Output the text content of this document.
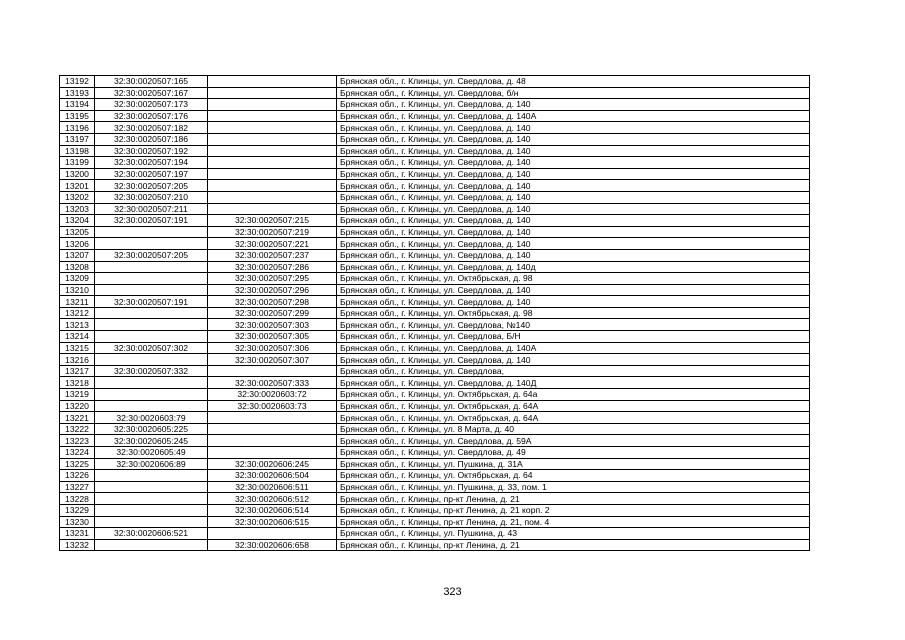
13192	32:30:0020507:165		Брянская обл., г. Клинцы, ул. Свердлова, д. 48
13193	32:30:0020507:167		Брянская обл., г. Клинцы, ул. Свердлова, б/н
13194	32:30:0020507:173		Брянская обл., г. Клинцы, ул. Свердлова, д. 140
13195	32:30:0020507:176		Брянская обл., г. Клинцы, ул. Свердлова, д. 140А
13196	32:30:0020507:182		Брянская обл., г. Клинцы, ул. Свердлова, д. 140
13197	32:30:0020507:186		Брянская обл., г. Клинцы, ул. Свердлова, д. 140
13198	32:30:0020507:192		Брянская обл., г. Клинцы, ул. Свердлова, д. 140
13199	32:30:0020507:194		Брянская обл., г. Клинцы, ул. Свердлова, д. 140
13200	32:30:0020507:197		Брянская обл., г. Клинцы, ул. Свердлова, д. 140
13201	32:30:0020507:205		Брянская обл., г. Клинцы, ул. Свердлова, д. 140
13202	32:30:0020507:210		Брянская обл., г. Клинцы, ул. Свердлова, д. 140
13203	32:30:0020507:211		Брянская обл., г. Клинцы, ул. Свердлова, д. 140
13204	32:30:0020507:191	32:30:0020507:215	Брянская обл., г. Клинцы, ул. Свердлова, д. 140
13205		32:30:0020507:219	Брянская обл., г. Клинцы, ул. Свердлова, д. 140
13206		32:30:0020507:221	Брянская обл., г. Клинцы, ул. Свердлова, д. 140
13207	32:30:0020507:205	32:30:0020507:237	Брянская обл., г. Клинцы, ул. Свердлова, д. 140
13208		32:30:0020507:286	Брянская обл., г. Клинцы, ул. Свердлова, д. 140д
13209		32:30:0020507:295	Брянская обл., г. Клинцы, ул. Октябрьская, д. 98
13210		32:30:0020507:296	Брянская обл., г. Клинцы, ул. Свердлова, д. 140
13211	32:30:0020507:191	32:30:0020507:298	Брянская обл., г. Клинцы, ул. Свердлова, д. 140
13212		32:30:0020507:299	Брянская обл., г. Клинцы, ул. Октябрьская, д. 98
13213		32:30:0020507:303	Брянская обл., г. Клинцы, ул. Свердлова, №140
13214		32:30:0020507:305	Брянская обл., г. Клинцы, ул. Свердлова, Б/Н
13215	32:30:0020507:302	32:30:0020507:306	Брянская обл., г. Клинцы, ул. Свердлова, д. 140А
13216		32:30:0020507:307	Брянская обл., г. Клинцы, ул. Свердлова, д. 140
13217	32:30:0020507:332		Брянская обл., г. Клинцы, ул. Свердлова,
13218		32:30:0020507:333	Брянская обл., г. Клинцы, ул. Свердлова, д. 140Д
13219		32:30:0020603:72	Брянская обл., г. Клинцы, ул. Октябрьская, д. 64а
13220		32:30:0020603:73	Брянская обл., г. Клинцы, ул. Октябрьская, д. 64А
13221	32:30:0020603:79		Брянская обл., г. Клинцы, ул. Октябрьская, д. 64А
13222	32:30:0020605:225		Брянская обл., г. Клинцы, ул. 8 Марта, д. 40
13223	32:30:0020605:245		Брянская обл., г. Клинцы, ул. Свердлова, д. 59А
13224	32:30:0020605:49		Брянская обл., г. Клинцы, ул. Свердлова, д. 49
13225	32:30:0020606:89	32:30:0020606:245	Брянская обл., г. Клинцы, ул. Пушкина, д. 31А
13226		32:30:0020606:504	Брянская обл., г. Клинцы, ул. Октябрьская, д. 64
13227		32:30:0020606:511	Брянская обл., г. Клинцы, ул. Пушкина, д. 33, пом. 1
13228		32:30:0020606:512	Брянская обл., г. Клинцы, пр-кт Ленина, д. 21
13229		32:30:0020606:514	Брянская обл., г. Клинцы, пр-кт Ленина, д. 21 корп. 2
13230		32:30:0020606:515	Брянская обл., г. Клинцы, пр-кт Ленина, д. 21, пом. 4
13231	32:30:0020606:521		Брянская обл., г. Клинцы, ул. Пушкина, д. 43
13232		32:30:0020606:658	Брянская обл., г. Клинцы, пр-кт Ленина, д. 21
323
